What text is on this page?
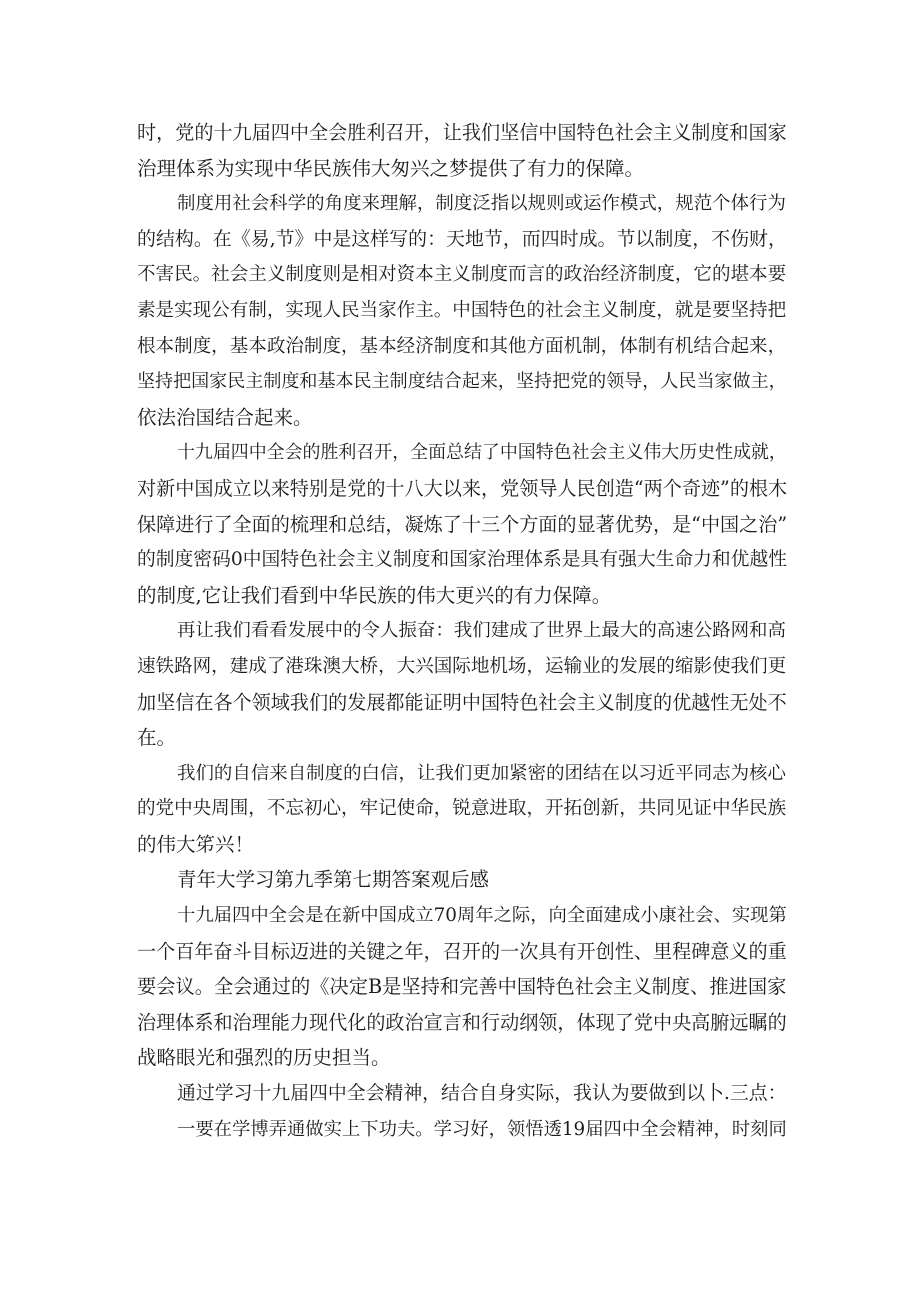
时，党的十九届四中全会胜利召开，让我们坚信中国特色社会主义制度和国家
治理体系为实现中华民族伟大匆兴之梦提供了有力的保障。
制度用社会科学的角度来理解，制度泛指以规则或运作模式，规范个体行为
的结构。在《易,节》中是这样写的：天地节，而四时成。节以制度，不伤财，
不害民。社会主义制度则是相对资本主义制度而言的政治经济制度，它的堪本要
素是实现公有制，实现人民当家作主。中国特色的社会主义制度，就是要坚持把
根本制度，基本政治制度，基本经济制度和其他方面机制，体制有机结合起来，
坚持把国家民主制度和基本民主制度结合起来，坚持把党的领导，人民当家做主，
依法治国结合起来。
十九届四中全会的胜利召开，全面总结了中国特色社会主义伟大历史性成就，
对新中国成立以来特别是党的十八大以来，党领导人民创造“两个奇迹”的根木
保障进行了全面的梳理和总结，凝炼了十三个方面的显著优势，是“中国之治”
的制度密码0中国特色社会主义制度和国家治理体系是具有强大生命力和优越性
的制度,它让我们看到中华民族的伟大更兴的有力保障。
再让我们看看发展中的令人振奋：我们建成了世界上最大的高速公路网和高
速铁路网，建成了港珠澳大桥，大兴国际地机场，运输业的发展的缩影使我们更
加坚信在各个领域我们的发展都能证明中国特色社会主义制度的优越性无处不
在。
我们的自信来自制度的白信，让我们更加紧密的团结在以习近平同志为核心
的党中央周围，不忘初心，牢记使命，锐意进取，开拓创新，共同见证中华民族
的伟大笫兴！
青年大学习第九季第七期答案观后感
十九届四中全会是在新中国成立70周年之际，向全面建成小康社会、实现第
一个百年奋斗目标迈进的关键之年，召开的一次具有开创性、里程碑意义的重
要会议。全会通过的《决定B是坚持和完善中国特色社会主义制度、推进国家
治理体系和治理能力现代化的政治宣言和行动纲领，体现了党中央高腑远瞩的
战略眼光和强烈的历史担当。
通过学习十九届四中全会精神，结合自身实际，我认为要做到以卜.三点：
一要在学博弄通做实上下功夫。学习好，领悟透19届四中全会精神，时刻同
